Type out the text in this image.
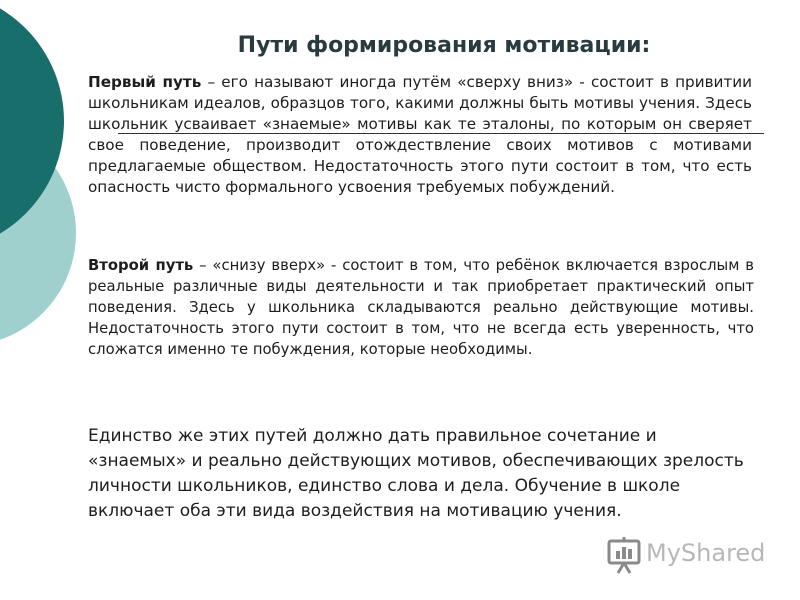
Пути формирования мотивации:
Первый путь – его называют иногда путём «сверху вниз» - состоит в привитии школьникам идеалов, образцов того, какими должны быть мотивы учения. Здесь школьник усваивает «знаемые» мотивы как те эталоны, по которым он сверяет свое поведение, производит отождествление своих мотивов с мотивами предлагаемые обществом. Недостаточность этого пути состоит в том, что есть опасность чисто формального усвоения требуемых побуждений.
Второй путь – «снизу вверх» - состоит в том, что ребёнок включается взрослым в реальные различные виды деятельности и так приобретает практический опыт поведения. Здесь у школьника складываются реально действующие мотивы. Недостаточность этого пути состоит в том, что не всегда есть уверенность, что сложатся именно те побуждения, которые необходимы.
Единство же этих путей должно дать правильное сочетание и «знаемых» и реально действующих мотивов, обеспечивающих зрелость личности школьников, единство слова и дела. Обучение в школе включает оба эти вида воздействия на мотивацию учения.
MyShared
